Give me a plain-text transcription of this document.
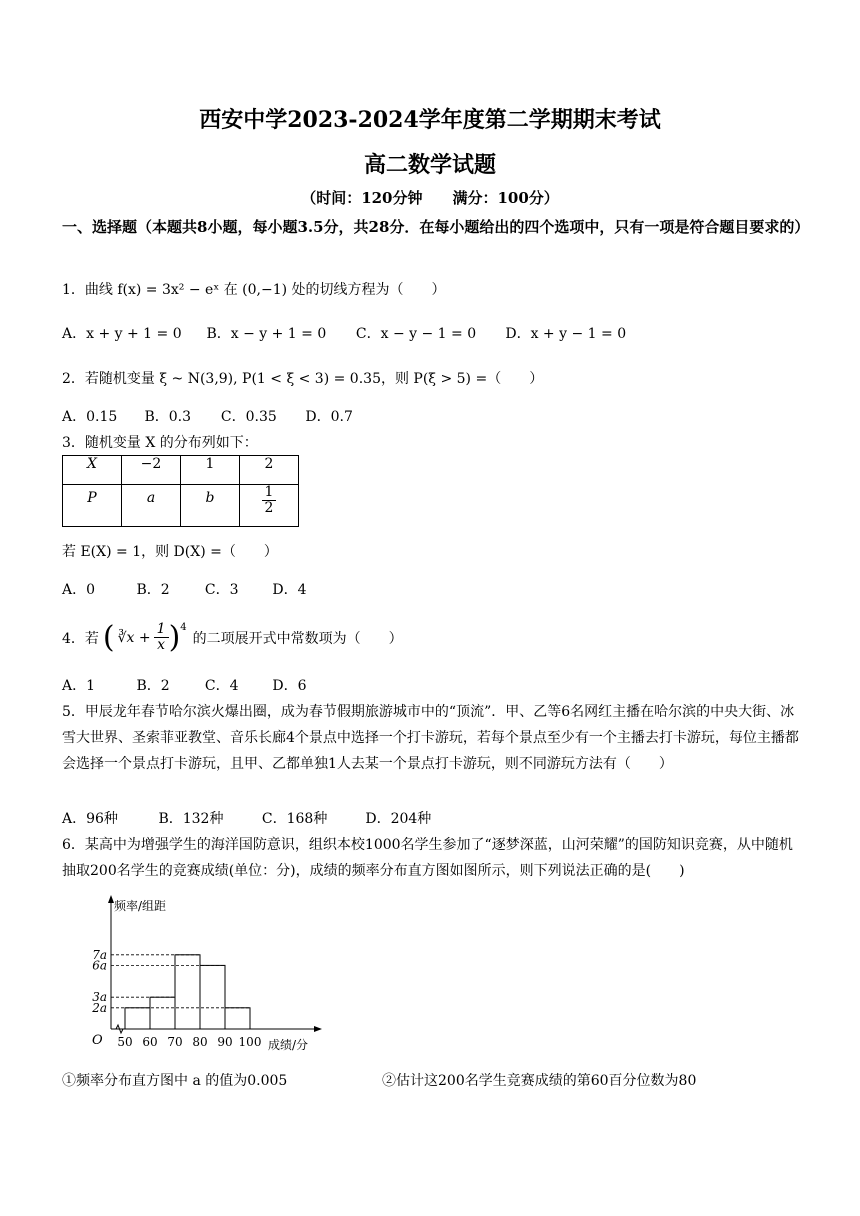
西安中学2023-2024学年度第二学期期末考试
高二数学试题
（时间：120分钟　　满分：100分）
一、选择题（本题共8小题，每小题3.5分，共28分．在每小题给出的四个选项中，只有一项是符合题目要求的）
1．曲线 f(x) = 3x² − eˣ 在 (0,−1) 处的切线方程为（　　）
A．x + y + 1 = 0 B．x − y + 1 = 0 C．x − y − 1 = 0 D．x + y − 1 = 0
2．若随机变量 ξ ~ N(3,9), P(1 < ξ < 3) = 0.35，则 P(ξ > 5) =（　　）
A．0.15 B．0.3 C．0.35 D．0.7
3．随机变量 X 的分布列如下：
X	−2	1	2
P	a	b	$\frac{1}{2}$
若 E(X) = 1，则 D(X) =（　　）
A．0	B．2	C．3 D．4
4．若 ( ∛x + $\frac{1}{x}$ ) 4
的二项展开式中常数项为（　　）
A．1	B．2	C．4 D．6
5．甲辰龙年春节哈尔滨火爆出圈，成为春节假期旅游城市中的“顶流”．甲、乙等6名网红主播在哈尔滨的中央大街、冰雪大世界、圣索菲亚教堂、音乐长廊4个景点中选择一个打卡游玩，若每个景点至少有一个主播去打卡游玩，每位主播都会选择一个景点打卡游玩，且甲、乙都单独1人去某一个景点打卡游玩，则不同游玩方法有（　　）
A．96种	B．132种	C．168种	D．204种
6．某高中为增强学生的海洋国防意识，组织本校1000名学生参加了“逐梦深蓝，山河荣耀”的国防知识竞赛，从中随机抽取200名学生的竞赛成绩(单位：分)，成绩的频率分布直方图如图所示，则下列说法正确的是(　　)
频率/组距
成绩/分
O
2a
3a
6a
7a
50 60 70 80 90 100
①频率分布直方图中 a 的值为0.005	②估计这200名学生竞赛成绩的第60百分位数为80
